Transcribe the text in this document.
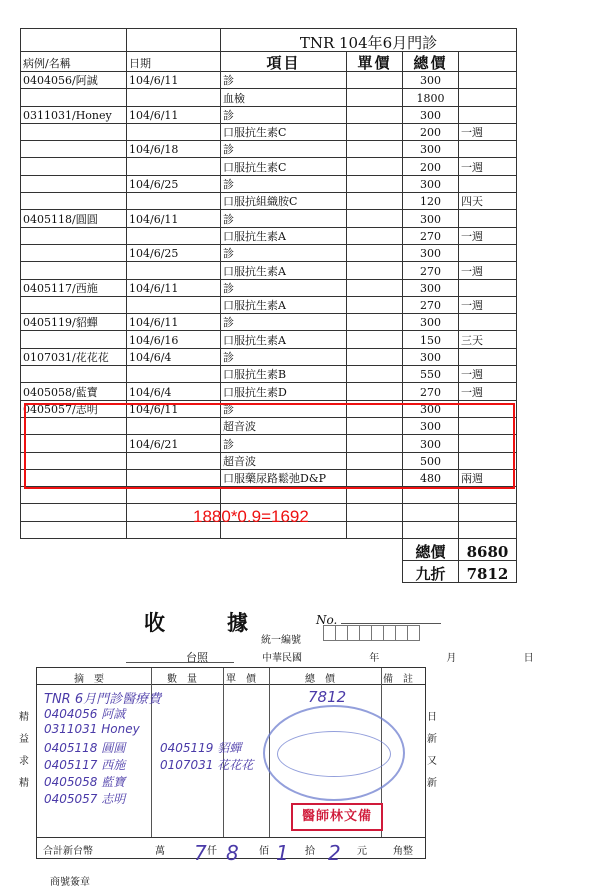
		TNR 104年6月門診			
病例/名稱	日期	項目	單價	總價	
0404056/阿誠	104/6/11	診		300	
		血檢		1800	
0311031/Honey	104/6/11	診		300	
		口服抗生素C		200	一週
	104/6/18	診		300	
		口服抗生素C		200	一週
	104/6/25	診		300	
		口服抗組織胺C		120	四天
0405118/圓圓	104/6/11	診		300	
		口服抗生素A		270	一週
	104/6/25	診		300	
		口服抗生素A		270	一週
0405117/西施	104/6/11	診		300	
		口服抗生素A		270	一週
0405119/貂蟬	104/6/11	診		300	
	104/6/16	口服抗生素A		150	三天
0107031/花花花	104/6/4	診		300	
		口服抗生素B		550	一週
0405058/藍寶	104/6/4	口服抗生素D		270	一週
0405057/志明	104/6/11	診		300	
		超音波		300	
	104/6/21	診		300	
		超音波		500	
		口服藥尿路鬆弛D&P		480	兩週

				總價	8680
				九折	7812
1880*0.9=1692
收據 No.
統一編號
台照	中華民國	年	月	日
精
益
求
精
日
新
又
新
摘要	數量	單價	總價	備註
合計新台幣	萬	仟	佰	拾	元	角整
醫師林文備
TNR 6月門診醫療費
0404056 阿誠
0311031 Honey
0405118 圓圓
0405117 西施
0405058 藍寶
0405057 志明
0405119 貂蟬
0107031 花花花
7812
7 8 1 2
商號簽章
